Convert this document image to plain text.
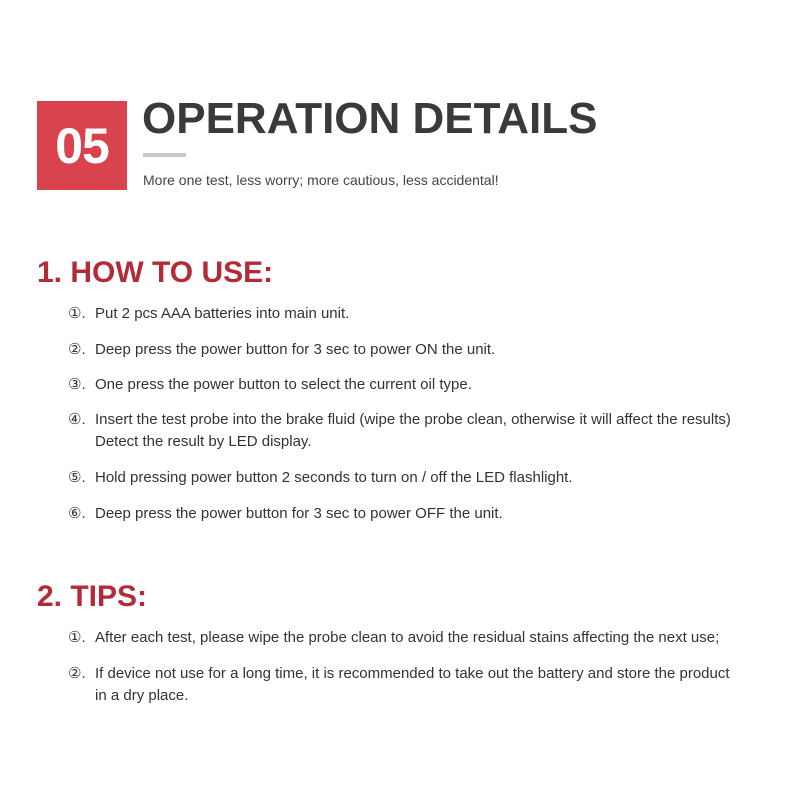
05 OPERATION DETAILS
More one test, less worry; more cautious, less accidental!
1. HOW TO USE:
①. Put 2 pcs AAA batteries into main unit.
②. Deep press the power button for 3 sec to power ON the unit.
③. One press the power button to select the current oil type.
④. Insert the test probe into the brake fluid (wipe the probe clean, otherwise it will affect the results) Detect the result by LED display.
⑤. Hold pressing power button 2 seconds to turn on / off the LED flashlight.
⑥. Deep press the power button for 3 sec to power OFF the unit.
2. TIPS:
①. After each test, please wipe the probe clean to avoid the residual stains affecting the next use;
②. If device not use for a long time, it is recommended to take out the battery and store the product in a dry place.
